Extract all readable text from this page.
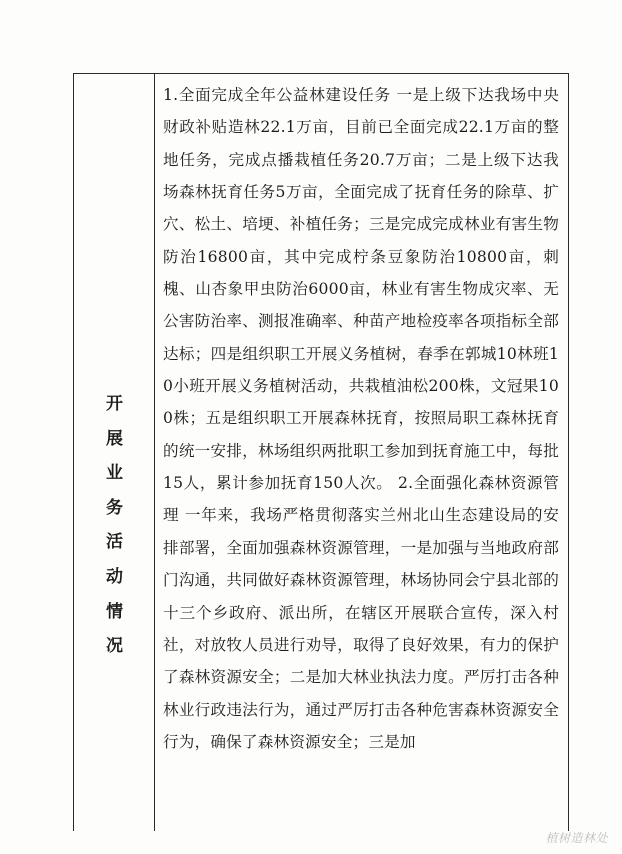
开
展
业
务
活
动
情
况

1.全面完成全年公益林建设任务 一是上级下达我场中央财政补贴造林22.1万亩，目前已全面完成22.1万亩的整地任务，完成点播栽植任务20.7万亩；二是上级下达我场森林抚育任务5万亩，全面完成了抚育任务的除草、扩穴、松土、培埂、补植任务；三是完成完成林业有害生物防治16800亩，其中完成柠条豆象防治10800亩，刺槐、山杏象甲虫防治6000亩，林业有害生物成灾率、无公害防治率、测报准确率、种苗产地检疫率各项指标全部达标；四是组织职工开展义务植树，春季在郭城10林班10小班开展义务植树活动，共栽植油松200株，文冠果100株；五是组织职工开展森林抚育，按照局职工森林抚育的统一安排，林场组织两批职工参加到抚育施工中，每批15人，累计参加抚育150人次。 2.全面强化森林资源管理 一年来，我场严格贯彻落实兰州北山生态建设局的安排部署，全面加强森林资源管理，一是加强与当地政府部门沟通，共同做好森林资源管理，林场协同会宁县北部的十三个乡政府、派出所，在辖区开展联合宣传，深入村社，对放牧人员进行劝导，取得了良好效果，有力的保护了森林资源安全；二是加大林业执法力度。严厉打击各种林业行政违法行为，通过严厉打击各种危害森林资源安全行为，确保了森林资源安全；三是加

植树造林处
